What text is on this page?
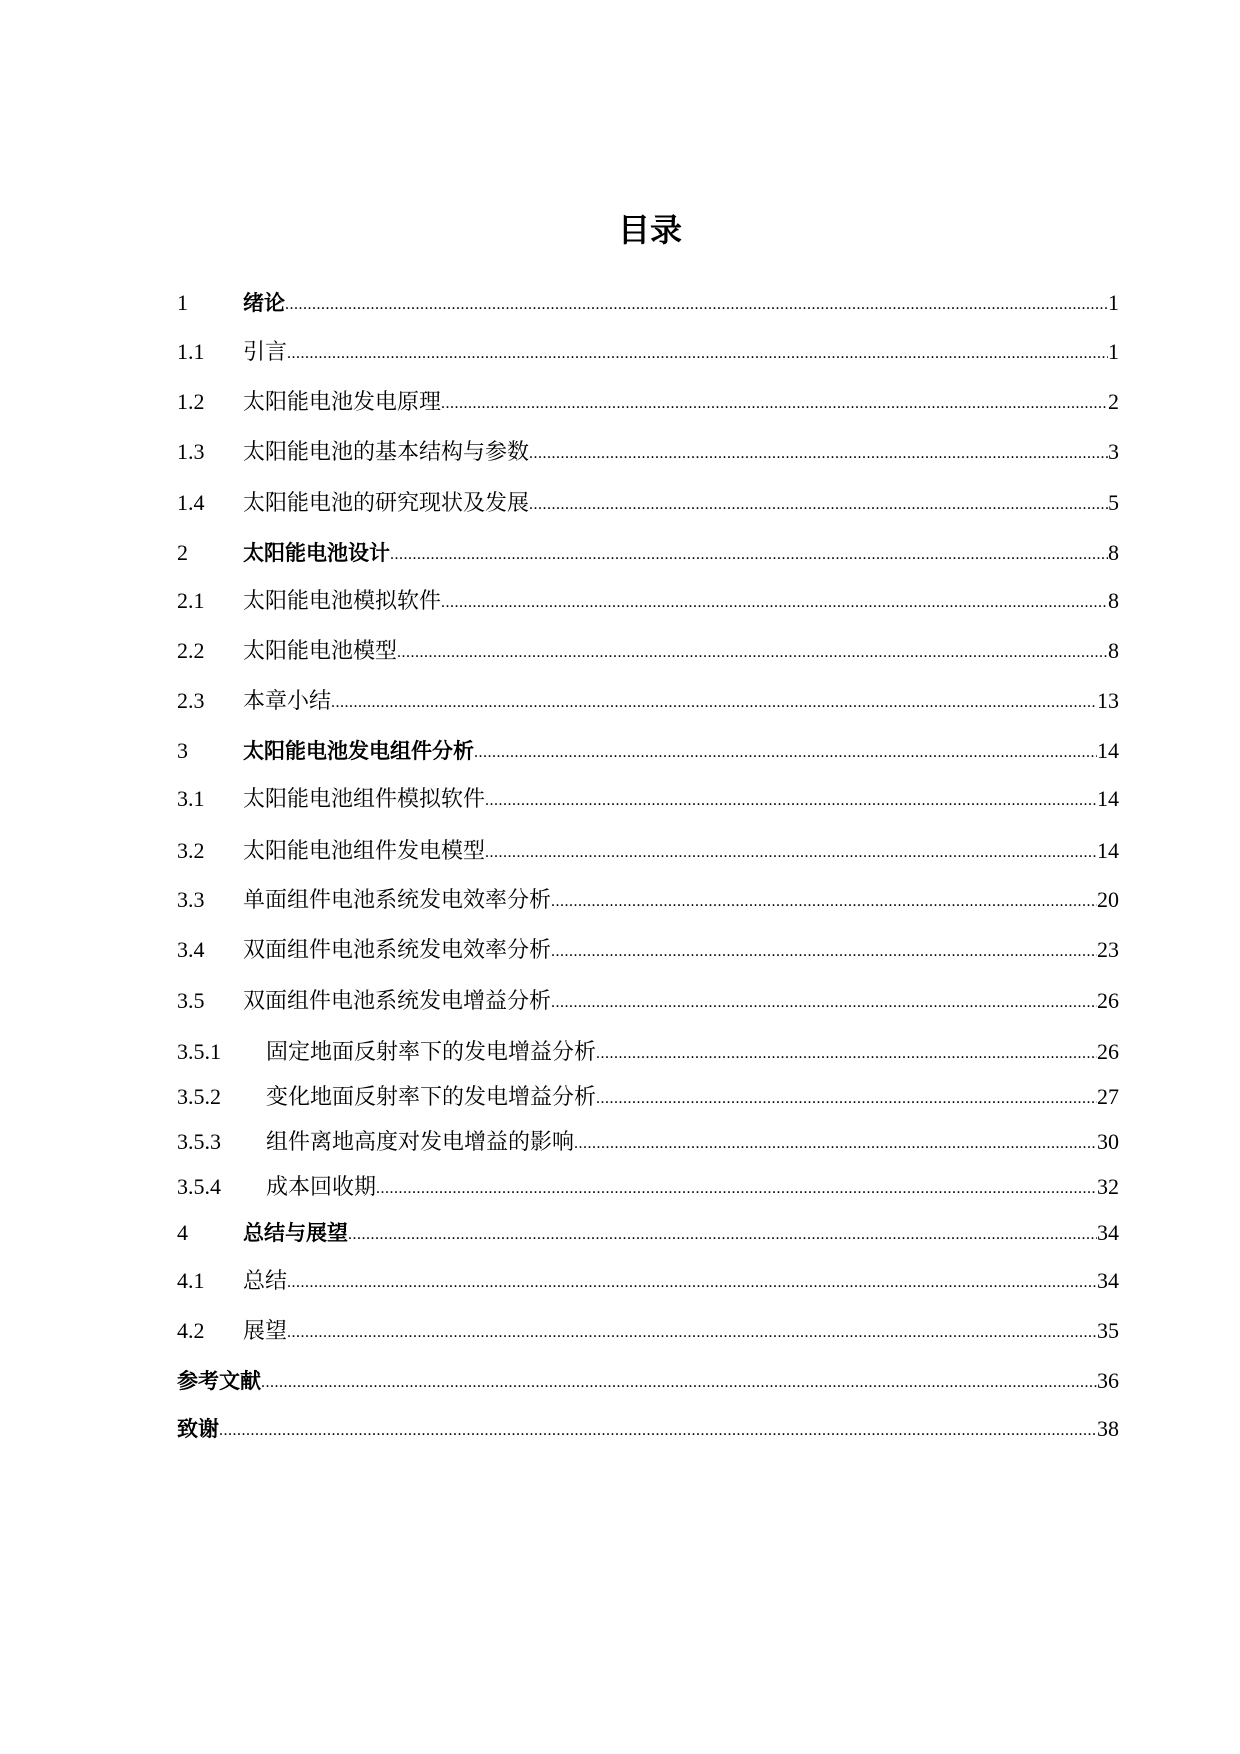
目录
1	绪论 .....	1
1.1	引言 .....	1
1.2	太阳能电池发电原理 .....	2
1.3	太阳能电池的基本结构与参数 .....	3
1.4	太阳能电池的研究现状及发展 .....	5
2	太阳能电池设计 .....	8
2.1	太阳能电池模拟软件 .....	8
2.2	太阳能电池模型 .....	8
2.3	本章小结 .....	13
3	太阳能电池发电组件分析 .....	14
3.1	太阳能电池组件模拟软件 .....	14
3.2	太阳能电池组件发电模型 .....	14
3.3	单面组件电池系统发电效率分析 .....	20
3.4	双面组件电池系统发电效率分析 .....	23
3.5	双面组件电池系统发电增益分析 .....	26
3.5.1	固定地面反射率下的发电增益分析 .....	26
3.5.2	变化地面反射率下的发电增益分析 .....	27
3.5.3	组件离地高度对发电增益的影响 .....	30
3.5.4	成本回收期 .....	32
4	总结与展望 .....	34
4.1	总结 .....	34
4.2	展望 .....	35
参考文献 .....	36
致谢 .....	38
